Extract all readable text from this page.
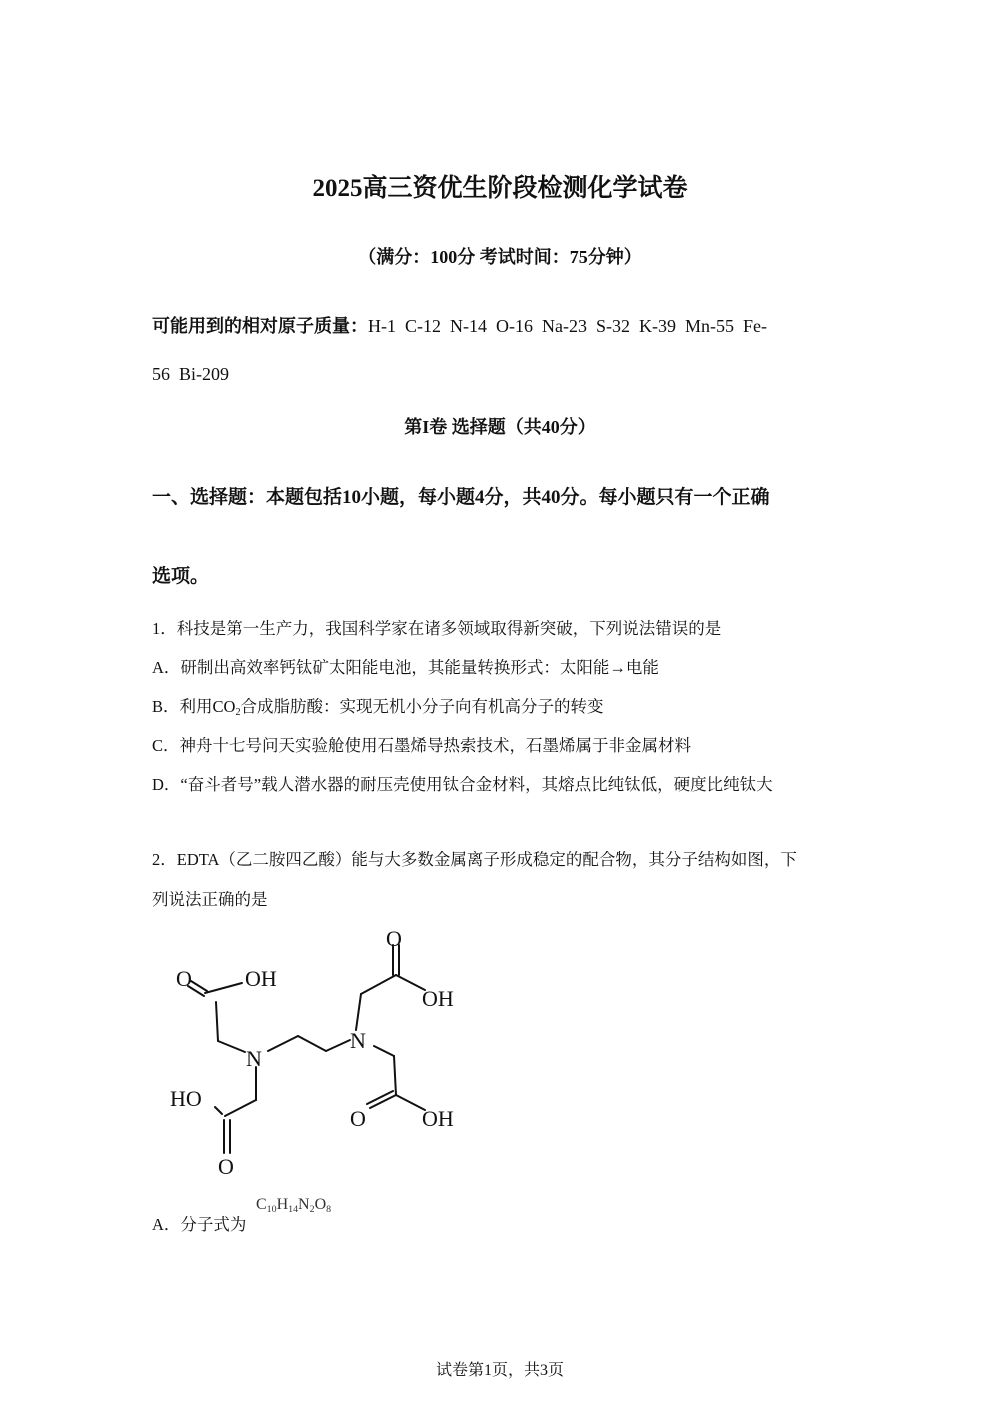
2025高三资优生阶段检测化学试卷
（满分：100分 考试时间：75分钟）
可能用到的相对原子质量：H-1  C-12  N-14  O-16  Na-23  S-32  K-39  Mn-55  Fe-
56  Bi-209
第I卷 选择题（共40分）
一、选择题：本题包括10小题，每小题4分，共40分。每小题只有一个正确
选项。
1．科技是第一生产力，我国科学家在诸多领域取得新突破，下列说法错误的是
A．研制出高效率钙钛矿太阳能电池，其能量转换形式：太阳能→电能
B．利用$CO_2$合成脂肪酸：实现无机小分子向有机高分子的转变
C．神舟十七号问天实验舱使用石墨烯导热索技术，石墨烯属于非金属材料
D．“奋斗者号”载人潜水器的耐压壳使用钛合金材料，其熔点比纯钛低，硬度比纯钛大
2．EDTA（乙二胺四乙酸）能与大多数金属离子形成稳定的配合物，其分子结构如图，下
列说法正确的是
O OH
O
OH
N
N
HO
O
O	OH
A．分子式为
$C_{10}H_{14}N_2O_8$
试卷第1页，共3页
